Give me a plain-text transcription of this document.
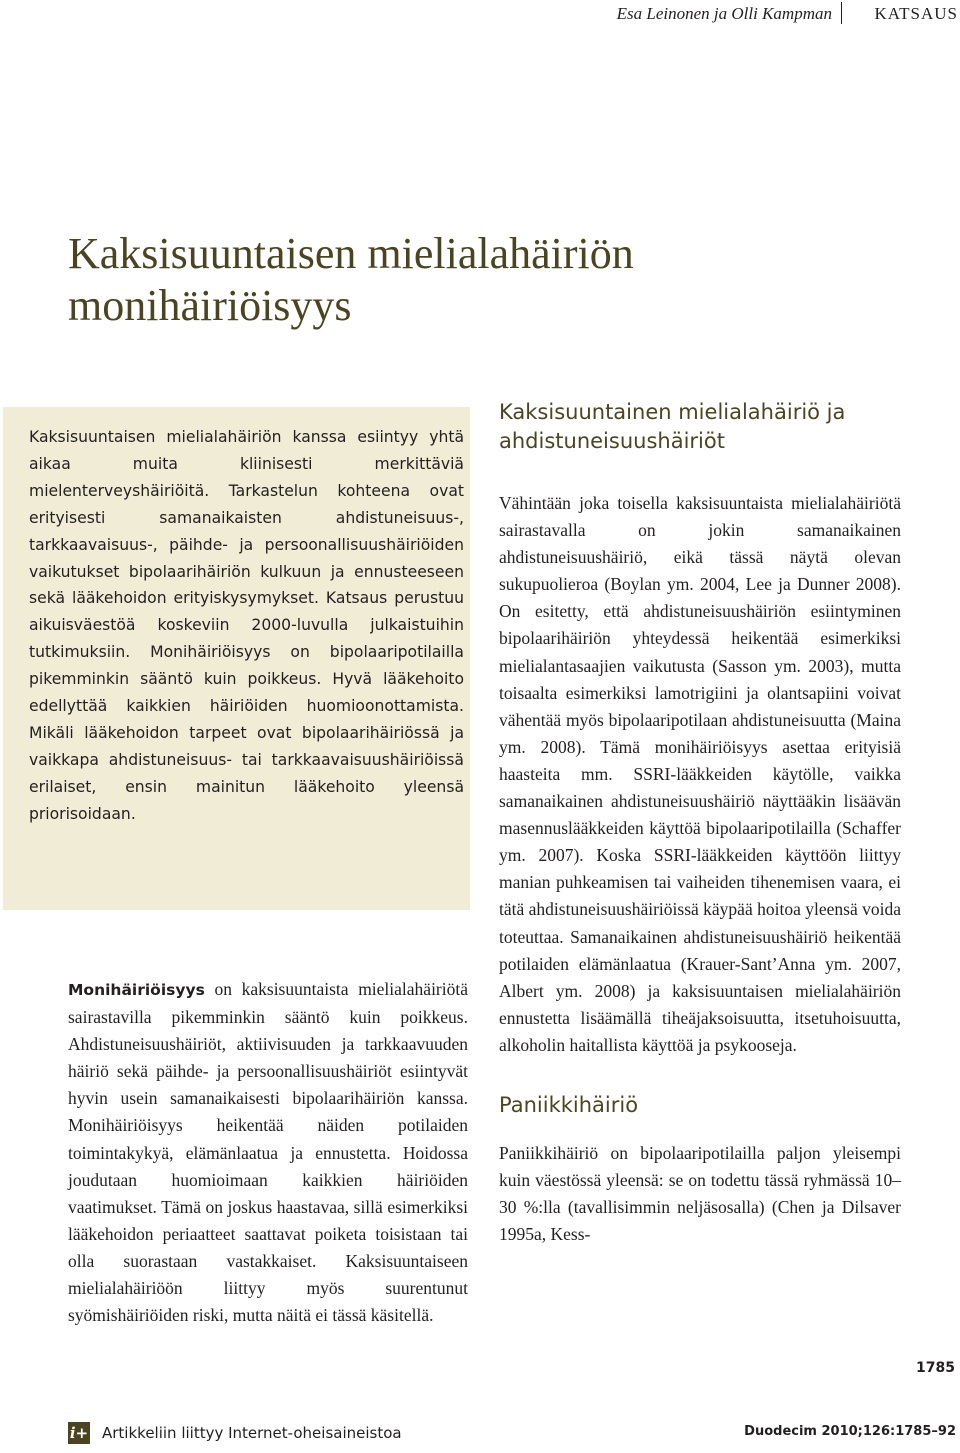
Esa Leinonen ja Olli Kampman KATSAUS
Kaksisuuntaisen mielialahäiriön monihäiriöisyys
Kaksisuuntaisen mielialahäiriön kanssa esiintyy yhtä aikaa muita kliinisesti merkittäviä mielenterveyshäiriöitä. Tarkastelun kohteena ovat erityisesti samanaikaisten ahdistuneisuus-, tarkkaavaisuus-, päihde- ja persoonallisuushäiriöiden vaikutukset bipolaarihäiriön kulkuun ja ennusteeseen sekä lääkehoidon erityiskysymykset. Katsaus perustuu aikuisväestöä koskeviin 2000-luvulla julkaistuihin tutkimuksiin. Monihäiriöisyys on bipolaaripotilailla pikemminkin sääntö kuin poikkeus. Hyvä lääkehoito edellyttää kaikkien häiriöiden huomioonottamista. Mikäli lääkehoidon tarpeet ovat bipolaarihäiriössä ja vaikkapa ahdistuneisuus- tai tarkkaavaisuushäiriöissä erilaiset, ensin mainitun lääkehoito yleensä priorisoidaan.

Monihäiriöisyys on kaksisuuntaista mielialahäiriötä sairastavilla pikemminkin sääntö kuin poikkeus. Ahdistuneisuushäiriöt, aktiivisuuden ja tarkkaavuuden häiriö sekä päihde- ja persoonallisuushäiriöt esiintyvät hyvin usein samanaikaisesti bipolaarihäiriön kanssa. Monihäiriöisyys heikentää näiden potilaiden toimintakykyä, elämänlaatua ja ennustetta. Hoidossa joudutaan huomioimaan kaikkien häiriöiden vaatimukset. Tämä on joskus haastavaa, sillä esimerkiksi lääkehoidon periaatteet saattavat poiketa toisistaan tai olla suorastaan vastakkaiset. Kaksisuuntaiseen mielialahäiriöön liittyy myös suurentunut syömishäiriöiden riski, mutta näitä ei tässä käsitellä.

Kaksisuuntainen mielialahäiriö ja ahdistuneisuushäiriöt

Vähintään joka toisella kaksisuuntaista mielialahäiriötä sairastavalla on jokin samanaikainen ahdistuneisuushäiriö, eikä tässä näytä olevan sukupuolieroa (Boylan ym. 2004, Lee ja Dunner 2008). On esitetty, että ahdistuneisuushäiriön esiintyminen bipolaarihäiriön yhteydessä heikentää esimerkiksi mielialantasaajien vaikutusta (Sasson ym. 2003), mutta toisaalta esimerkiksi lamotrigiini ja olantsapiini voivat vähentää myös bipolaaripotilaan ahdistuneisuutta (Maina ym. 2008). Tämä monihäiriöisyys asettaa erityisiä haasteita mm. SSRI-lääkkeiden käytölle, vaikka samanaikainen ahdistuneisuushäiriö näyttääkin lisäävän masennuslääkkeiden käyttöä bipolaaripotilailla (Schaffer ym. 2007). Koska SSRI-lääkkeiden käyttöön liittyy manian puhkeamisen tai vaiheiden tihenemisen vaara, ei tätä ahdistuneisuushäiriöissä käypää hoitoa yleensä voida toteuttaa. Samanaikainen ahdistuneisuushäiriö heikentää potilaiden elämänlaatua (Krauer-Sant’Anna ym. 2007, Albert ym. 2008) ja kaksisuuntaisen mielialahäiriön ennustetta lisäämällä tiheäjaksoisuutta, itsetuhoisuutta, alkoholin haitallista käyttöä ja psykooseja.

Paniikkihäiriö

Paniikkihäiriö on bipolaaripotilailla paljon yleisempi kuin väestössä yleensä: se on todettu tässä ryhmässä 10–30 %:lla (tavallisimmin neljäsosalla) (Chen ja Dilsaver 1995a, Kess-

1785
i+ Artikkeliin liittyy Internet-oheisaineistoa	Duodecim 2010;126:1785–92
